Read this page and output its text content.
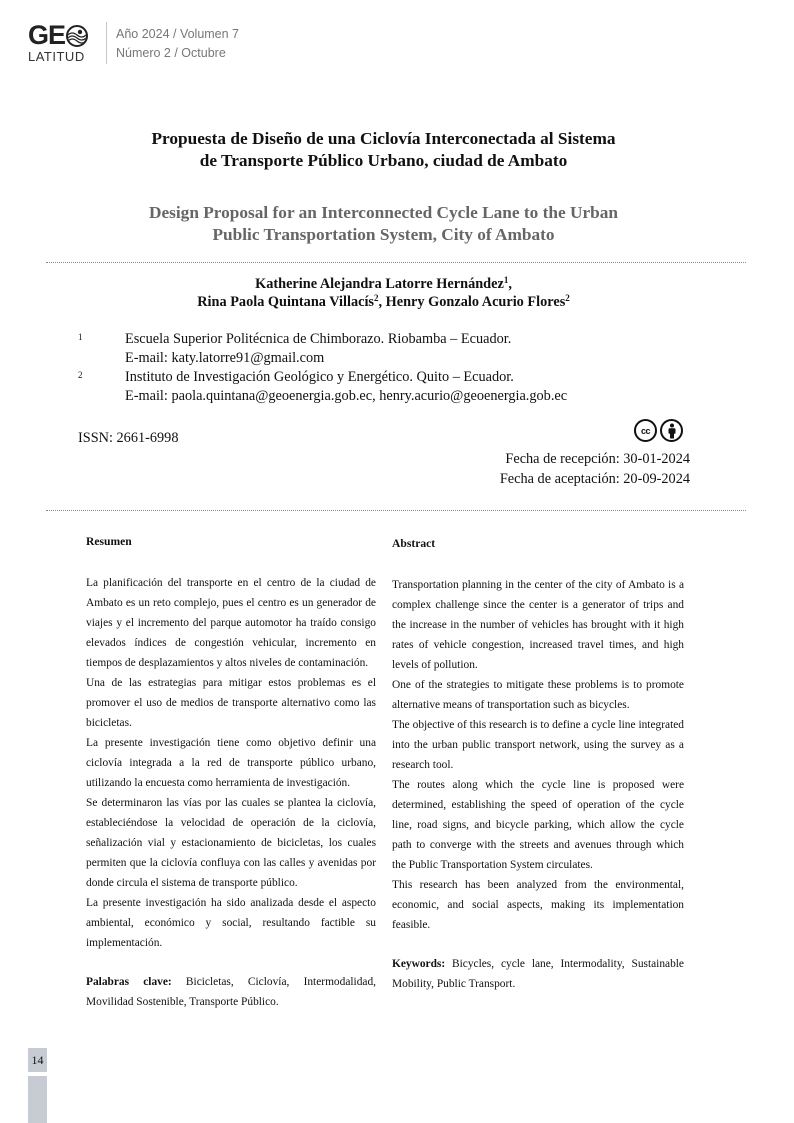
GE
LATITUD
Año 2024 / Volumen 7
Número 2 / Octubre
Propuesta de Diseño de una Ciclovía Interconectada al Sistema
de Transporte Público Urbano, ciudad de Ambato
Design Proposal for an Interconnected Cycle Lane to the Urban
Public Transportation System, City of Ambato
Katherine Alejandra Latorre Hernández$^1$,
Rina Paola Quintana Villacís$^2$, Henry Gonzalo Acurio Flores$^2$
1	Escuela Superior Politécnica de Chimborazo. Riobamba – Ecuador.
E-mail: katy.latorre91@gmail.com
2	Instituto de Investigación Geológico y Energético. Quito – Ecuador.
E-mail: paola.quintana@geoenergia.gob.ec, henry.acurio@geoenergia.gob.ec
ISSN: 2661-6998	cc
Fecha de recepción: 30-01-2024
Fecha de aceptación: 20-09-2024
Resumen

La planificación del transporte en el centro de la ciudad de Ambato es un reto complejo, pues el centro es un generador de viajes y el incremento del parque automotor ha traído consigo elevados índices de congestión vehicular, incremento en tiempos de desplazamientos y altos niveles de contaminación.

Una de las estrategias para mitigar estos problemas es el promover el uso de medios de transporte alternativo como las bicicletas.

La presente investigación tiene como objetivo definir una ciclovía integrada a la red de transporte público urbano, utilizando la encuesta como herramienta de investigación.

Se determinaron las vías por las cuales se plantea la ciclovía, estableciéndose la velocidad de operación de la ciclovía, señalización vial y estacionamiento de bicicletas, los cuales permiten que la ciclovía confluya con las calles y avenidas por donde circula el sistema de transporte público.

La presente investigación ha sido analizada desde el aspecto ambiental, económico y social, resultando factible su implementación.

Palabras clave: Bicicletas, Ciclovía, Intermodalidad, Movilidad Sostenible, Transporte Público.

Abstract

Transportation planning in the center of the city of Ambato is a complex challenge since the center is a generator of trips and the increase in the number of vehicles has brought with it high rates of vehicle congestion, increased travel times, and high levels of pollution.

One of the strategies to mitigate these problems is to promote alternative means of transportation such as bicycles.

The objective of this research is to define a cycle line integrated into the urban public transport network, using the survey as a research tool.

The routes along which the cycle line is proposed were determined, establishing the speed of operation of the cycle line, road signs, and bicycle parking, which allow the cycle path to converge with the streets and avenues through which the Public Transportation System circulates.

This research has been analyzed from the environmental, economic, and social aspects, making its implementation feasible.

Keywords: Bicycles, cycle lane, Intermodality, Sustainable Mobility, Public Transport.

14
